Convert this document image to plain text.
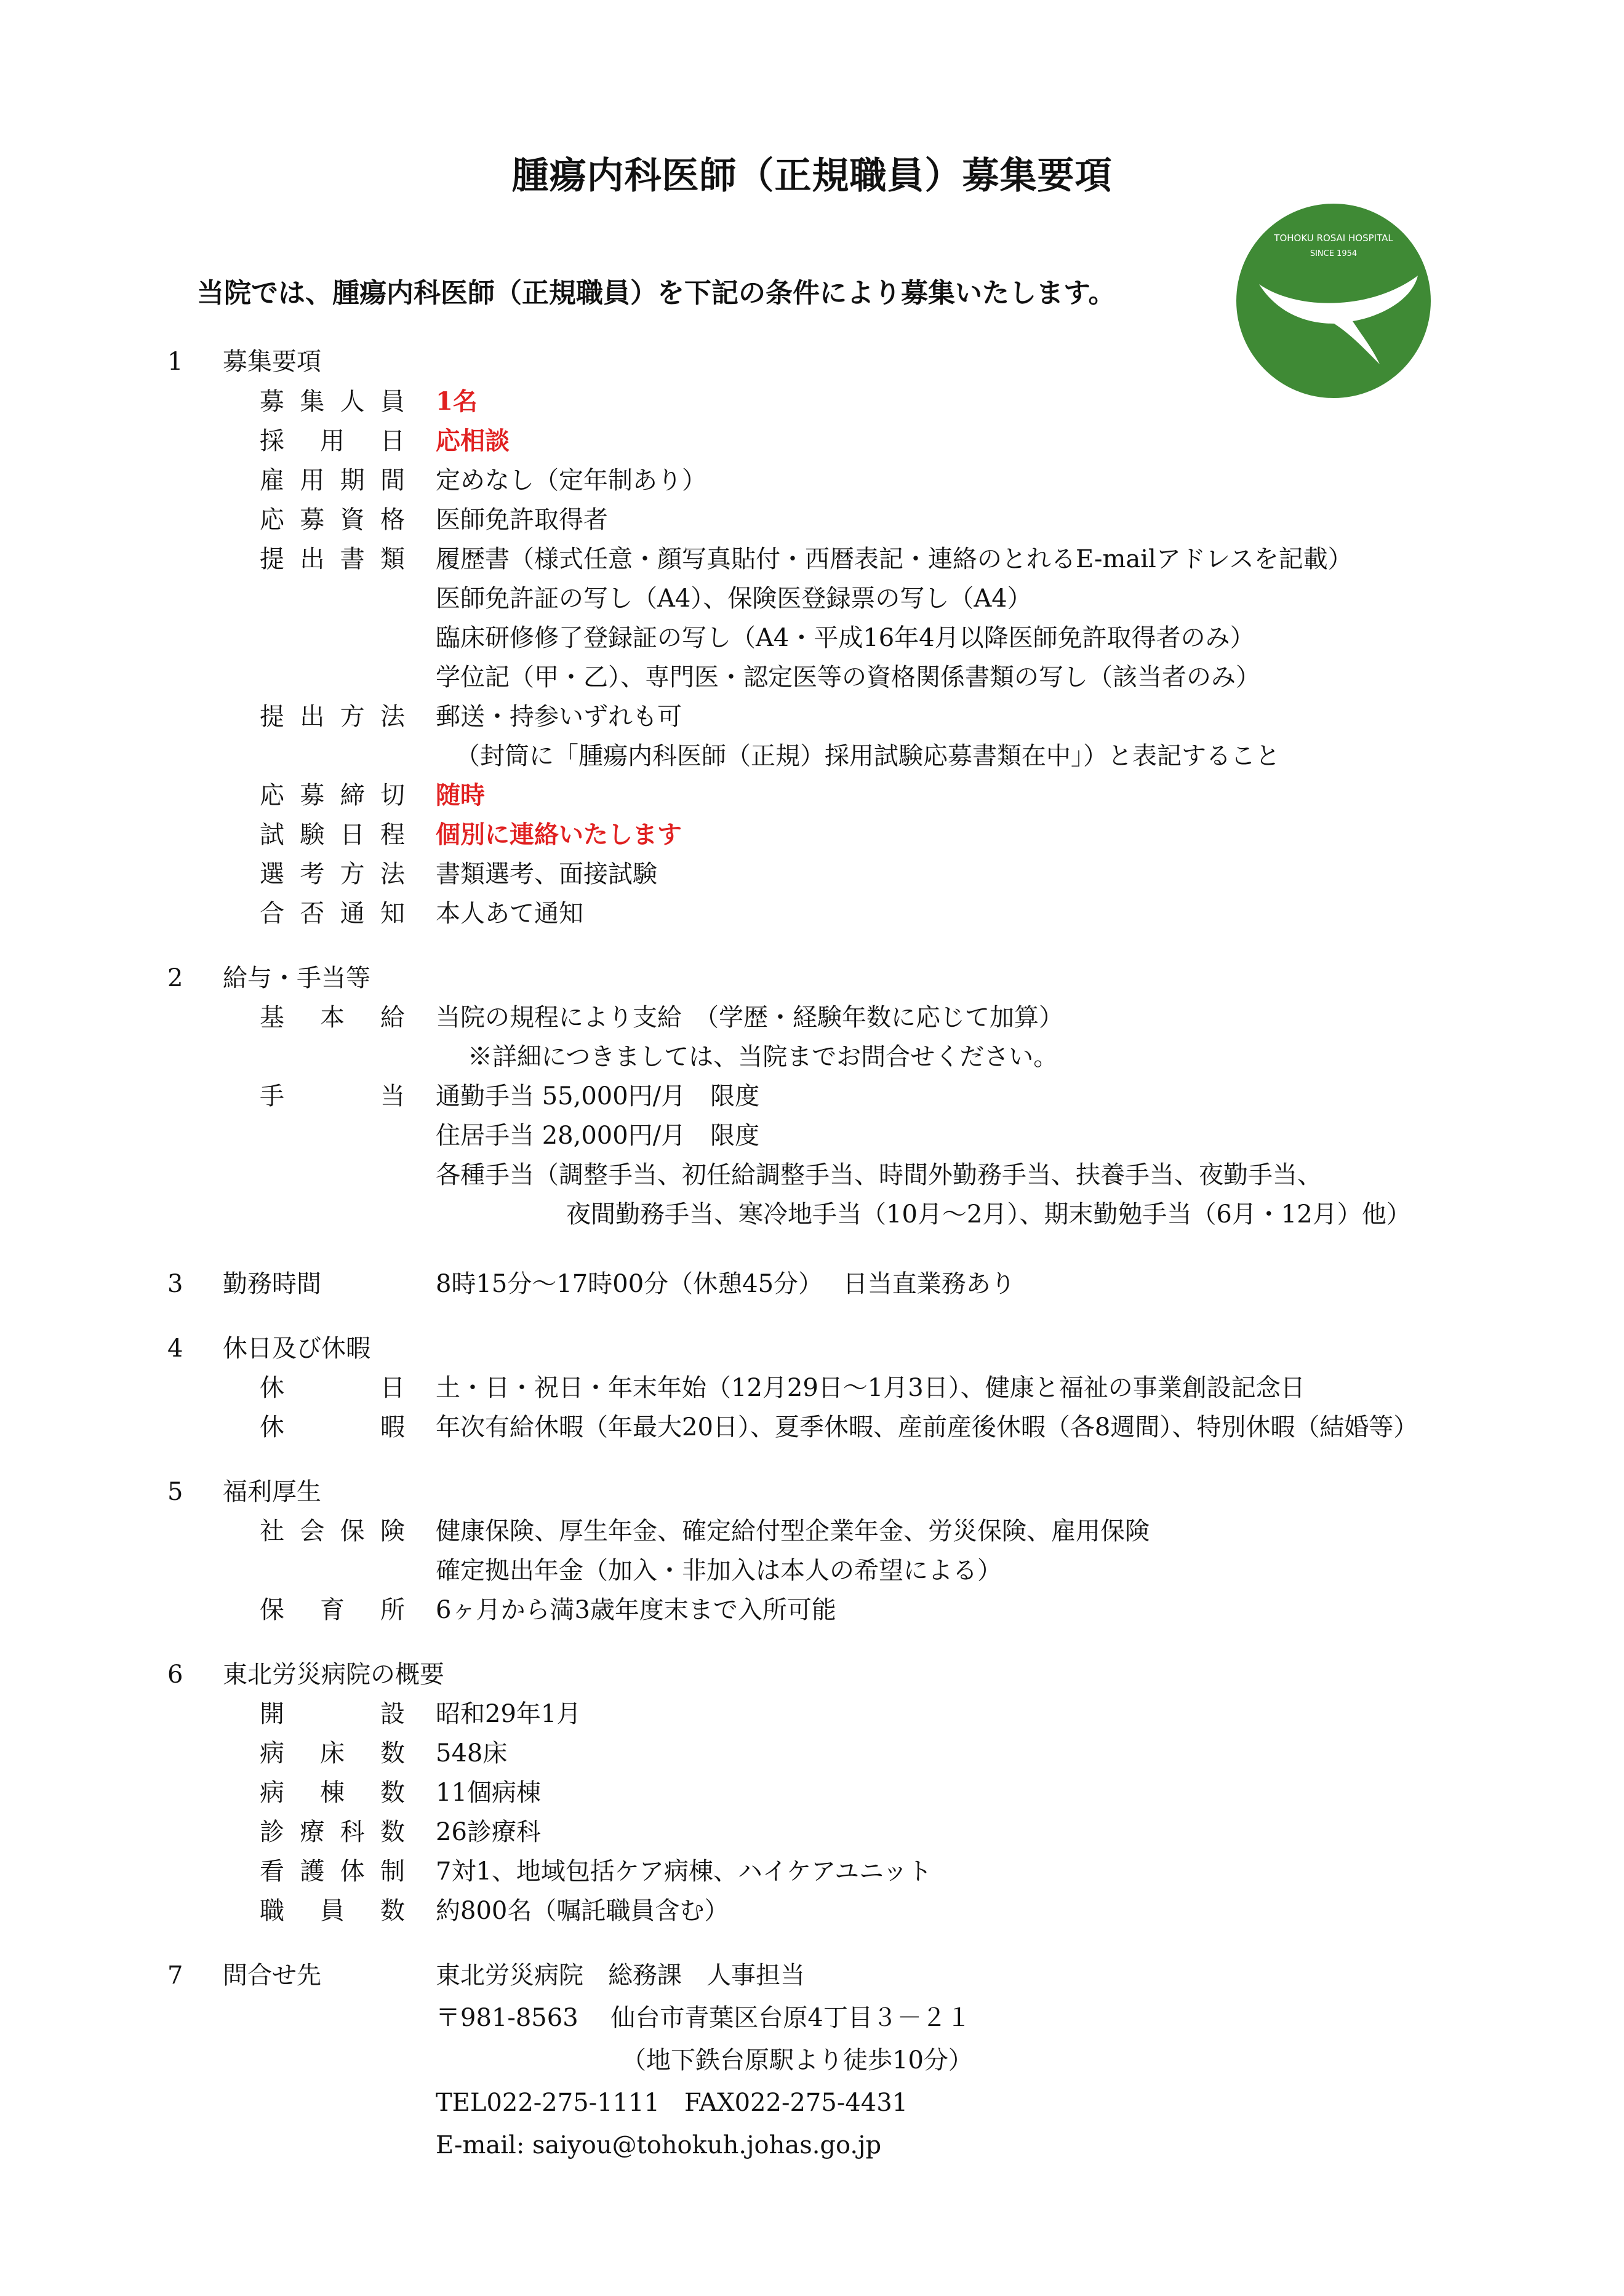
腫瘍内科医師（正規職員）募集要項
TOHOKU ROSAI HOSPITAL
SINCE 1954
当院では、腫瘍内科医師（正規職員）を下記の条件により募集いたします。
1 募集要項
募集人員 1名
採用日 応相談
雇用期間 定めなし（定年制あり）
応募資格 医師免許取得者
提出書類 履歴書（様式任意・顔写真貼付・西暦表記・連絡のとれるE-mailアドレスを記載）
医師免許証の写し（A4）、保険医登録票の写し（A4）
臨床研修修了登録証の写し（A4・平成16年4月以降医師免許取得者のみ）
学位記（甲・乙）、専門医・認定医等の資格関係書類の写し（該当者のみ）
提出方法 郵送・持参いずれも可
（封筒に「腫瘍内科医師（正規）採用試験応募書類在中」）と表記すること
応募締切 随時
試験日程 個別に連絡いたします
選考方法 書類選考、面接試験
合否通知 本人あて通知
2 給与・手当等
基本給 当院の規程により支給　（学歴・経験年数に応じて加算）
※詳細につきましては、当院までお問合せください。
手当 通勤手当 55,000円/月　限度
住居手当 28,000円/月　限度
各種手当（調整手当、初任給調整手当、時間外勤務手当、扶養手当、夜勤手当、
夜間勤務手当、寒冷地手当（10月～2月）、期末勤勉手当（6月・12月）他）
3 勤務時間	8時15分～17時00分（休憩45分）　 日当直業務あり
4 休日及び休暇
休日 土・日・祝日・年末年始（12月29日～1月3日）、健康と福祉の事業創設記念日
休暇 年次有給休暇（年最大20日）、夏季休暇、産前産後休暇（各8週間）、特別休暇（結婚等）
5 福利厚生
社会保険 健康保険、厚生年金、確定給付型企業年金、労災保険、雇用保険
確定拠出年金（加入・非加入は本人の希望による）
保育所 6ヶ月から満3歳年度末まで入所可能
6 東北労災病院の概要
開設 昭和29年1月
病床数 548床
病棟数 11個病棟
診療科数 26診療科
看護体制 7対1、地域包括ケア病棟、ハイケアユニット
職員数 約800名（嘱託職員含む）
7 問合せ先	東北労災病院　総務課　人事担当
〒981-8563　 仙台市青葉区台原4丁目３－２１
（地下鉄台原駅より徒歩10分）
TEL022-275-1111　FAX022-275-4431
E-mail: saiyou@tohokuh.johas.go.jp
